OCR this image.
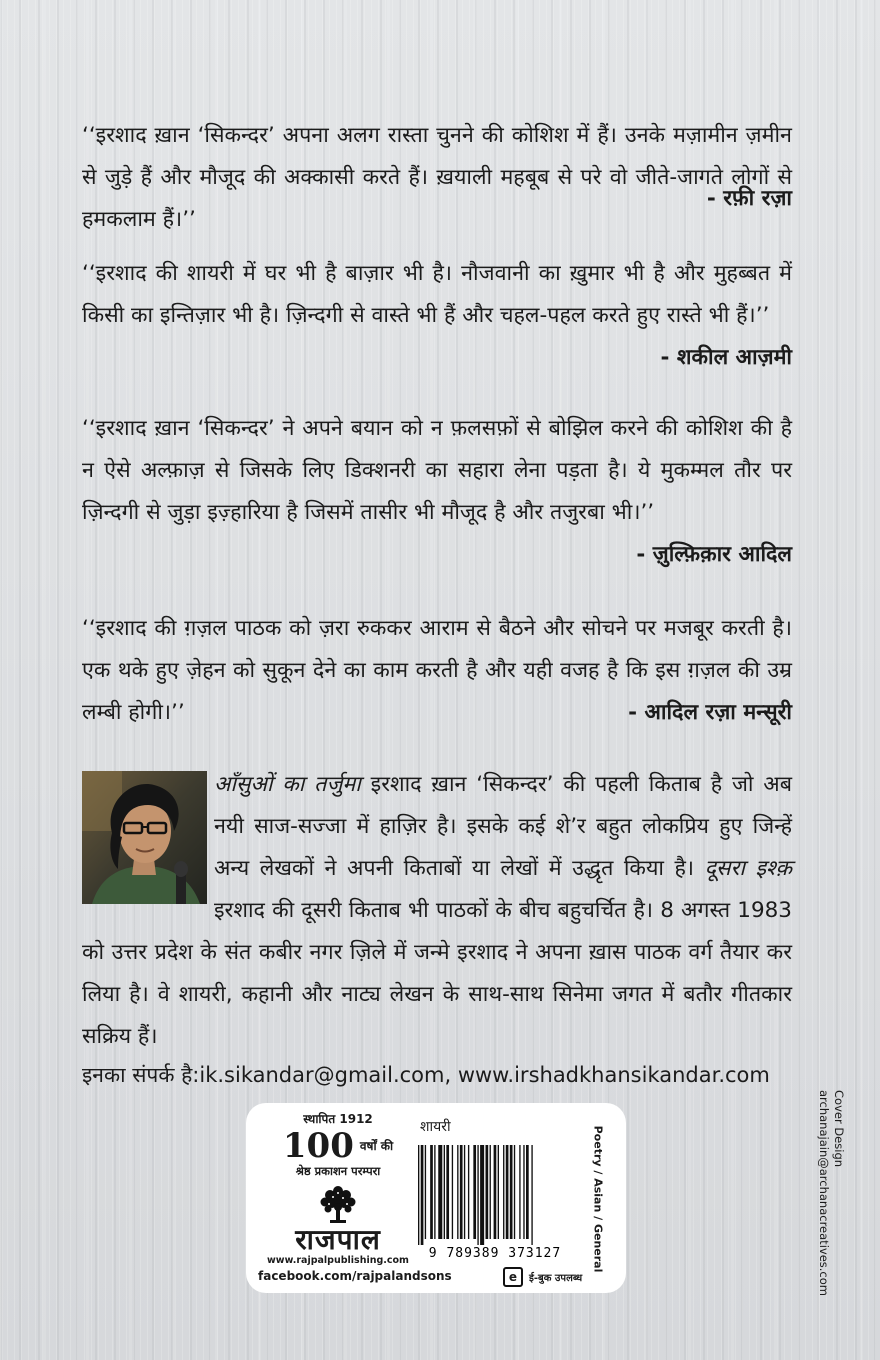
‘‘इरशाद ख़ान ‘सिकन्दर’ अपना अलग रास्ता चुनने की कोशिश में हैं। उनके मज़ामीन ज़मीन से जुड़े हैं और मौजूद की अक्कासी करते हैं। ख़याली महबूब से परे वो जीते-जागते लोगों से हमकलाम हैं।’’

- रफ़ी रज़ा

‘‘इरशाद की शायरी में घर भी है बाज़ार भी है। नौजवानी का ख़ुमार भी है और मुहब्बत में किसी का इन्तिज़ार भी है। ज़िन्दगी से वास्ते भी हैं और चहल-पहल करते हुए रास्ते भी हैं।’’

- शकील आज़मी

‘‘इरशाद ख़ान ‘सिकन्दर’ ने अपने बयान को न फ़लसफ़ों से बोझिल करने की कोशिश की है न ऐसे अल्फ़ाज़ से जिसके लिए डिक्शनरी का सहारा लेना पड़ता है। ये मुकम्मल तौर पर ज़िन्दगी से जुड़ा इज़्हारिया है जिसमें तासीर भी मौजूद है और तजुरबा भी।’’

- ज़ुल्फ़िक़ार आदिल

‘‘इरशाद की ग़ज़ल पाठक को ज़रा रुककर आराम से बैठने और सोचने पर मजबूर करती है। एक थके हुए ज़ेहन को सुकून देने का काम करती है और यही वजह है कि इस ग़ज़ल की उम्र लम्बी होगी।’’	- आदिल रज़ा मन्सूरी
आँसुओं का तर्जुमा इरशाद ख़ान ‘सिकन्दर’ की पहली किताब है जो अब नयी साज-सज्जा में हाज़िर है। इसके कई शे’र बहुत लोकप्रिय हुए जिन्हें अन्य लेखकों ने अपनी किताबों या लेखों में उद्धृत किया है। दूसरा इश्क़ इरशाद की दूसरी किताब भी पाठकों के बीच बहुचर्चित है। 8 अगस्त 1983 को उत्तर प्रदेश के संत कबीर नगर ज़िले में जन्मे इरशाद ने अपना ख़ास पाठक वर्ग तैयार कर लिया है। वे शायरी, कहानी और नाट्य लेखन के साथ-साथ सिनेमा जगत में बतौर गीतकार सक्रिय हैं।
इनका संपर्क है:ik.sikandar@gmail.com, www.irshadkhansikandar.com
स्थापित 1912
100 वर्षों की
श्रेष्ठ प्रकाशन परम्परा
राजपाल
www.rajpalpublishing.com
facebook.com/rajpalandsons
शायरी
9 789389 373127	Poetry / Asian / General
e	ई-बुक उपलब्ध
Cover Design
archanajain@archanacreatives.com
